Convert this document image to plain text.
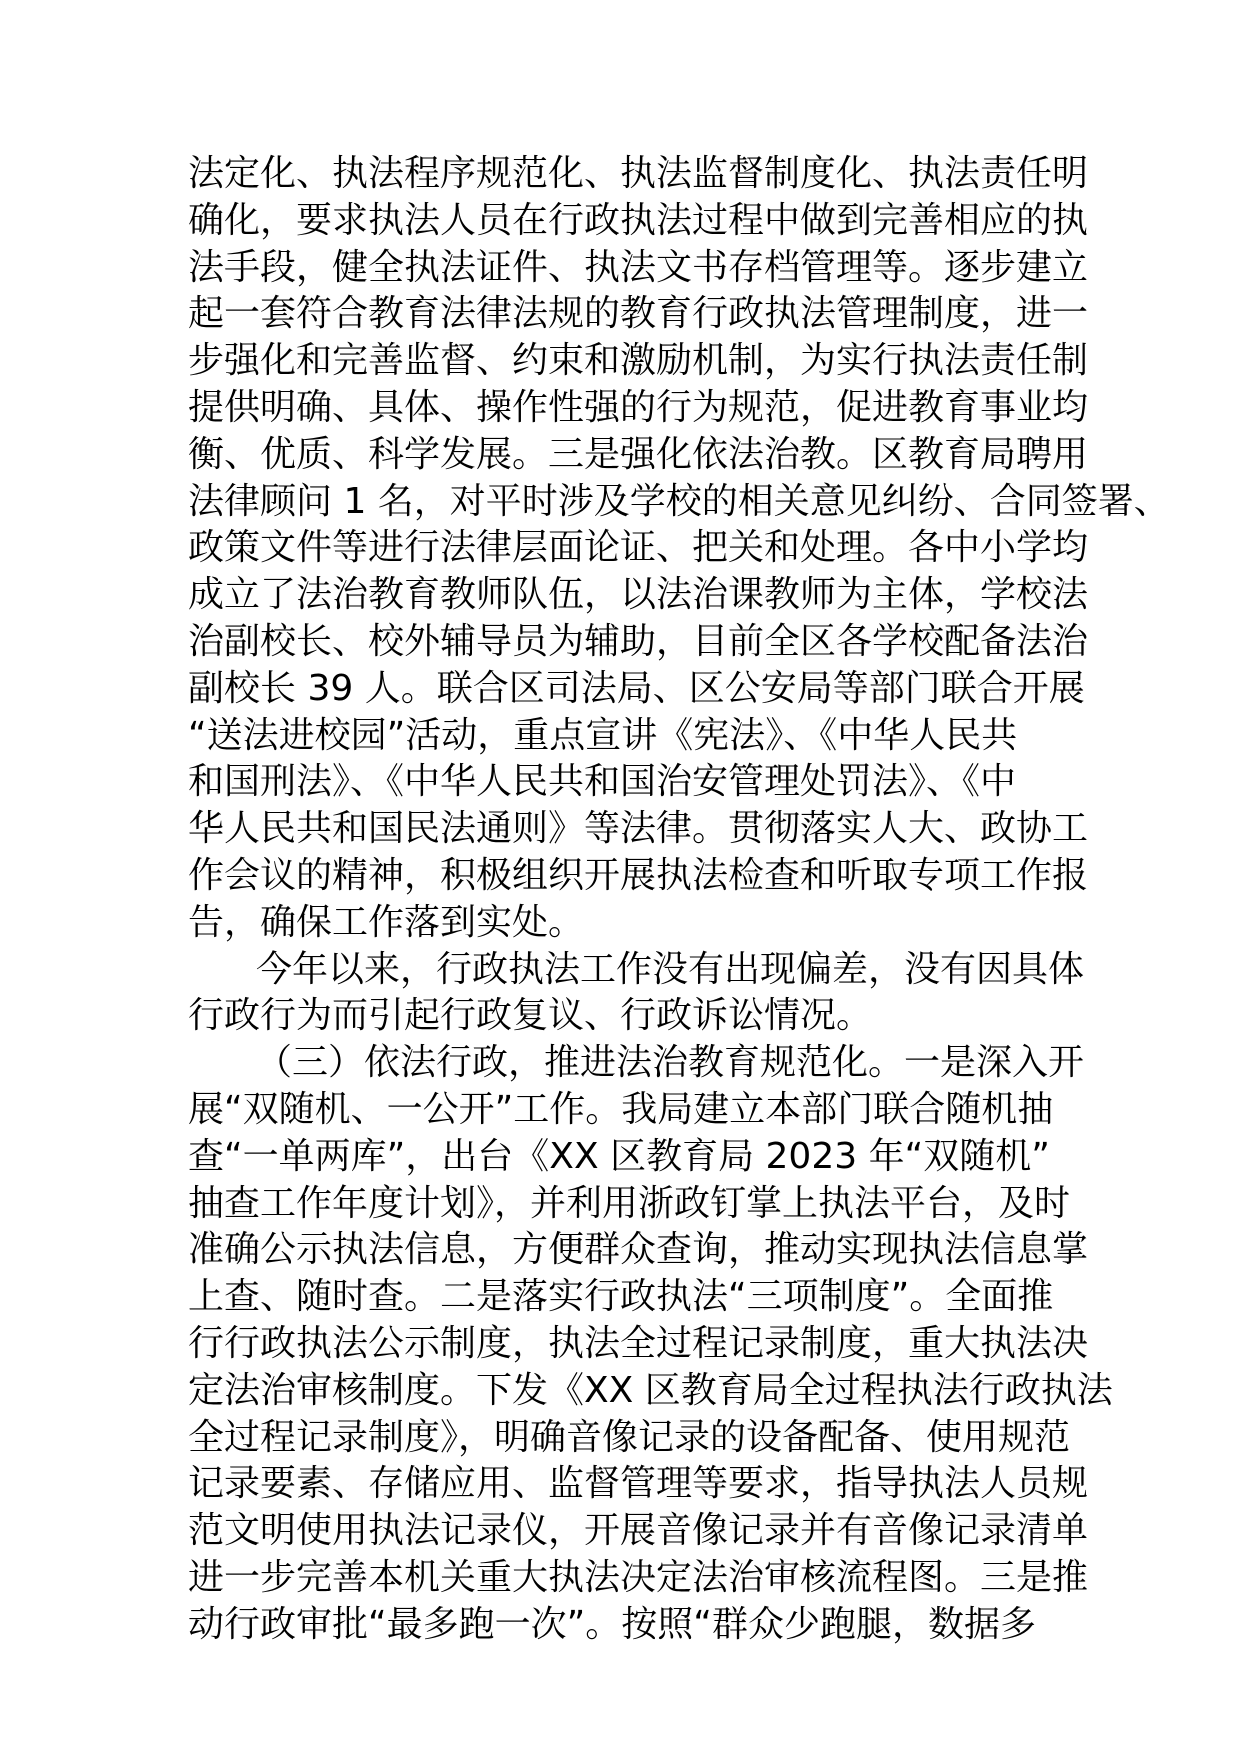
法定化、执法程序规范化、执法监督制度化、执法责任明
确化，要求执法人员在行政执法过程中做到完善相应的执
法手段，健全执法证件、执法文书存档管理等。逐步建立
起一套符合教育法律法规的教育行政执法管理制度，进一
步强化和完善监督、约束和激励机制，为实行执法责任制
提供明确、具体、操作性强的行为规范，促进教育事业均
衡、优质、科学发展。三是强化依法治教。区教育局聘用
法律顾问 1 名，对平时涉及学校的相关意见纠纷、合同签署、
政策文件等进行法律层面论证、把关和处理。各中小学均
成立了法治教育教师队伍，以法治课教师为主体，学校法
治副校长、校外辅导员为辅助，目前全区各学校配备法治
副校长 39 人。联合区司法局、区公安局等部门联合开展
“送法进校园”活动，重点宣讲《宪法》、《中华人民共
和国刑法》、《中华人民共和国治安管理处罚法》、《中
华人民共和国民法通则》等法律。贯彻落实人大、政协工
作会议的精神，积极组织开展执法检查和听取专项工作报
告，确保工作落到实处。
今年以来，行政执法工作没有出现偏差，没有因具体
行政行为而引起行政复议、行政诉讼情况。
（三）依法行政，推进法治教育规范化。一是深入开
展“双随机、一公开”工作。我局建立本部门联合随机抽
查“一单两库”，出台《XX 区教育局 2023 年“双随机”
抽查工作年度计划》，并利用浙政钉掌上执法平台，及时
准确公示执法信息，方便群众查询，推动实现执法信息掌
上查、随时查。二是落实行政执法“三项制度”。全面推
行行政执法公示制度，执法全过程记录制度，重大执法决
定法治审核制度。下发《XX 区教育局全过程执法行政执法
全过程记录制度》，明确音像记录的设备配备、使用规范
记录要素、存储应用、监督管理等要求，指导执法人员规
范文明使用执法记录仪，开展音像记录并有音像记录清单
进一步完善本机关重大执法决定法治审核流程图。三是推
动行政审批“最多跑一次”。按照“群众少跑腿，数据多
